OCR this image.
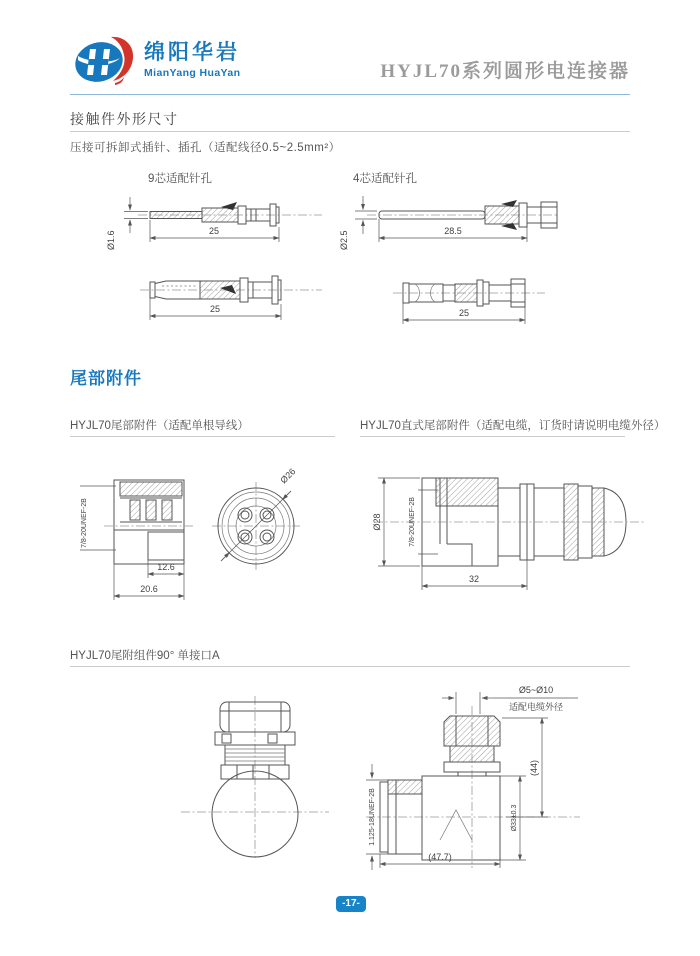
绵阳华岩
MianYang HuaYan	HYJL70系列圆形电连接器
接触件外形尺寸
压接可拆卸式插针、插孔（适配线径0.5~2.5mm²）
9芯适配针孔	4芯适配针孔
Ø1.6	25
25
Ø2.5	28.5
25
尾部附件
HYJL70尾部附件（适配单根导线）	HYJL70直式尾部附件（适配电缆，订货时请说明电缆外径）
7/8-20UNEF-2B
12.6
20.6
Ø26
Ø28	7/8-20UNEF-2B
32
HYJL70尾附组件90° 单接口A
1.125-18UNEF-2B
Ø5~Ø10
适配电缆外径
(44)
Ø33±0.3
(47.7)
-17-
